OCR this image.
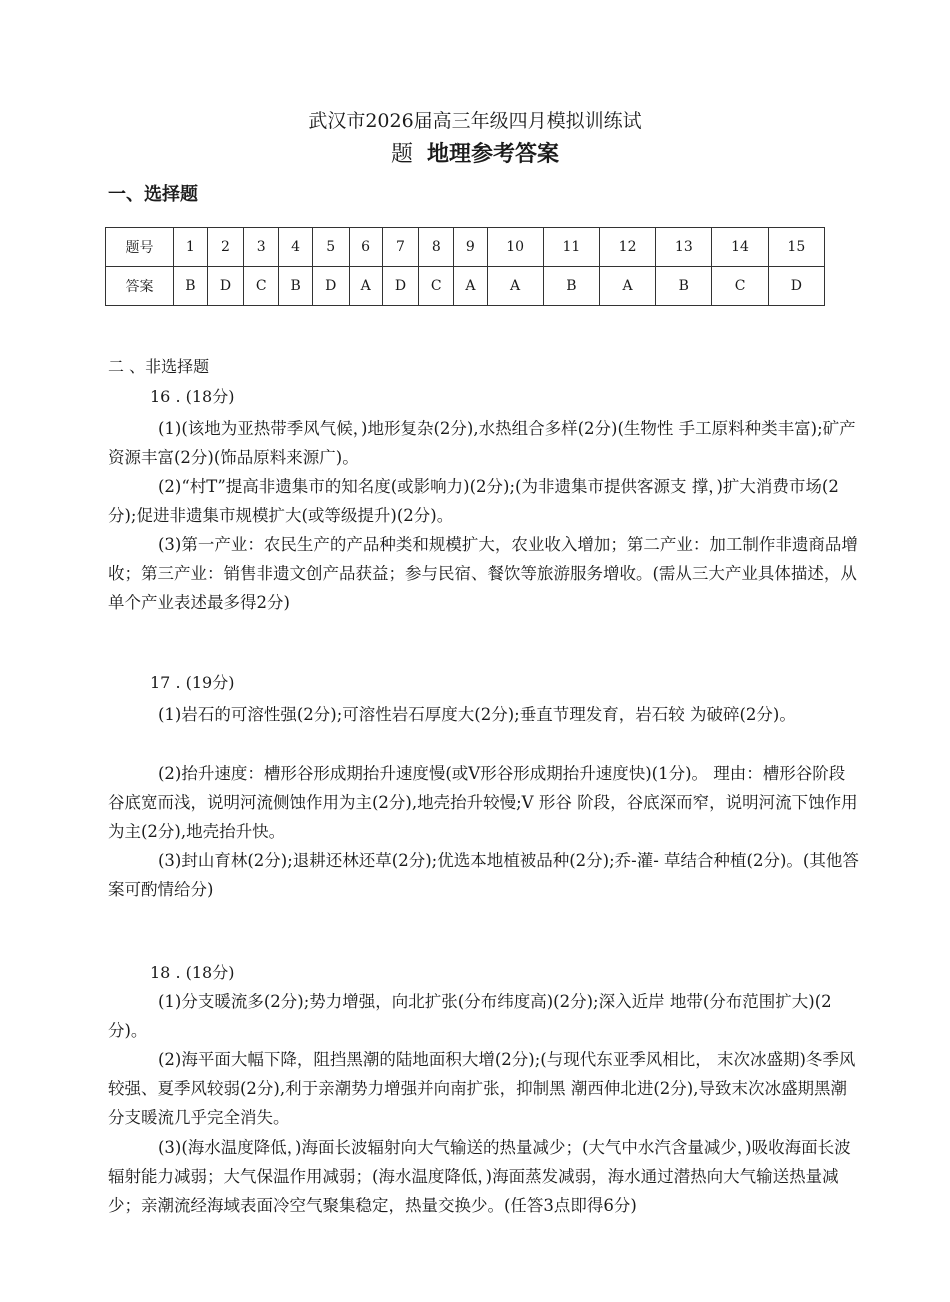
武汉市2026届高三年级四月模拟训练试
题 地理参考答案
一、选择题
题号	1	2	3	4	5	6	7	8	9	10	11	12	13	14	15
答案	B	D	C	B	D	A	D	C	A	A	B	A	B	C	D
二 、非选择题
16 . (18分)

(1)(该地为亚热带季风气候，)地形复杂(2分),水热组合多样(2分)(生物性 手工原料种类丰富);矿产资源丰富(2分)(饰品原料来源广)。

(2)“村T”提高非遗集市的知名度(或影响力)(2分);(为非遗集市提供客源支 撑，)扩大消费市场(2分);促进非遗集市规模扩大(或等级提升)(2分)。

(3)第一产业：农民生产的产品种类和规模扩大，农业收入增加；第二产业：加工制作非遗商品增收；第三产业：销售非遗文创产品获益；参与民宿、餐饮等旅游服务增收。(需从三大产业具体描述，从单个产业表述最多得2分)

17 . (19分)

(1)岩石的可溶性强(2分);可溶性岩石厚度大(2分);垂直节理发育，岩石较 为破碎(2分)。

(2)抬升速度：槽形谷形成期抬升速度慢(或V形谷形成期抬升速度快)(1分)。 理由：槽形谷阶段谷底宽而浅，说明河流侧蚀作用为主(2分),地壳抬升较慢;V 形谷 阶段，谷底深而窄，说明河流下蚀作用为主(2分),地壳抬升快。

(3)封山育林(2分);退耕还林还草(2分);优选本地植被品种(2分);乔-灌- 草结合种植(2分)。(其他答案可酌情给分)

18 . (18分)

(1)分支暖流多(2分);势力增强，向北扩张(分布纬度高)(2分);深入近岸 地带(分布范围扩大)(2分)。

(2)海平面大幅下降，阻挡黑潮的陆地面积大增(2分);(与现代东亚季风相比， 末次冰盛期)冬季风较强、夏季风较弱(2分),利于亲潮势力增强并向南扩张，抑制黑 潮西伸北进(2分),导致末次冰盛期黑潮分支暖流几乎完全消失。

(3)(海水温度降低，)海面长波辐射向大气输送的热量减少；(大气中水汽含量减少，)吸收海面长波辐射能力减弱；大气保温作用减弱；(海水温度降低，)海面蒸发减弱，海水通过潜热向大气输送热量减少；亲潮流经海域表面冷空气聚集稳定，热量交换少。(任答3点即得6分)
